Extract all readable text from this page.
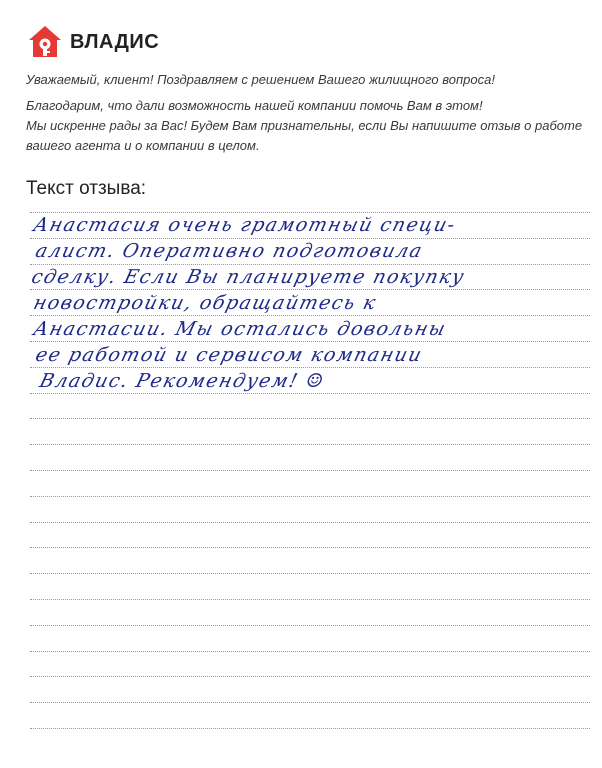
ВЛАДИС

Уважаемый, клиент! Поздравляем с решением Вашего жилищного вопроса!

Благодарим, что дали возможность нашей компании помочь Вам в этом!

Мы искренне рады за Вас! Будем Вам признательны, если Вы напишите отзыв о работе

вашего агента и о компании в целом.

Текст отзыва:
Анастасия очень грамотный специ-
алист. Оперативно подготовила
сделку. Если Вы планируете покупку
новостройки, обращайтесь к
Анастасии. Мы остались довольны
ее работой и сервисом компании
Владис. Рекомендуем! ☺
